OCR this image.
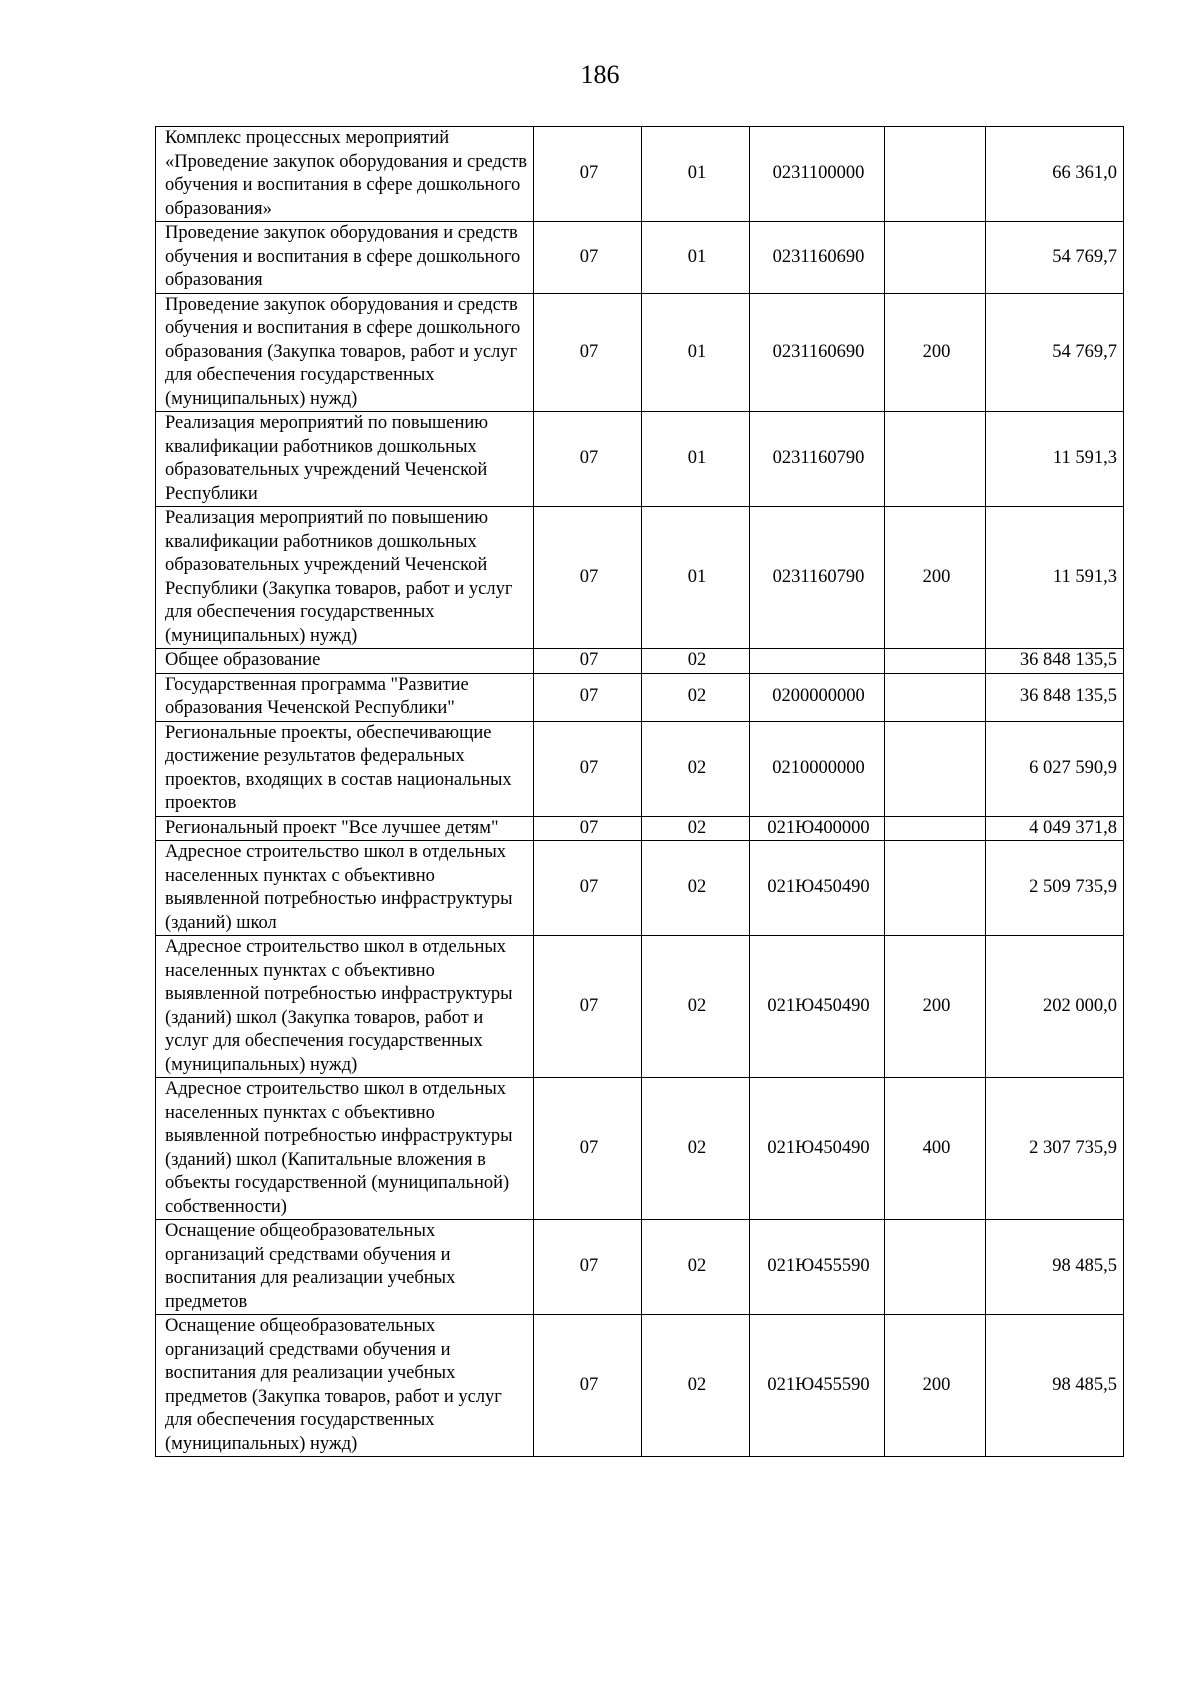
186
Комплекс процессных мероприятий «Проведение закупок оборудования и средств обучения и воспитания в сфере дошкольного образования»	07	01	0231100000		66 361,0
Проведение закупок оборудования и средств обучения и воспитания в сфере дошкольного образования	07	01	0231160690		54 769,7
Проведение закупок оборудования и средств обучения и воспитания в сфере дошкольного образования (Закупка товаров, работ и услуг для обеспечения государственных (муниципальных) нужд)	07	01	0231160690	200	54 769,7
Реализация мероприятий по повышению квалификации работников дошкольных образовательных учреждений Чеченской Республики	07	01	0231160790		11 591,3
Реализация мероприятий по повышению квалификации работников дошкольных образовательных учреждений Чеченской Республики (Закупка товаров, работ и услуг для обеспечения государственных (муниципальных) нужд)	07	01	0231160790	200	11 591,3
Общее образование	07	02			36 848 135,5
Государственная программа "Развитие образования Чеченской Республики"	07	02	0200000000		36 848 135,5
Региональные проекты, обеспечивающие достижение результатов федеральных проектов, входящих в состав национальных проектов	07	02	0210000000		6 027 590,9
Региональный проект "Все лучшее детям"	07	02	021Ю400000		4 049 371,8
Адресное строительство школ в отдельных населенных пунктах с объективно выявленной потребностью инфраструктуры (зданий) школ	07	02	021Ю450490		2 509 735,9
Адресное строительство школ в отдельных населенных пунктах с объективно выявленной потребностью инфраструктуры (зданий) школ (Закупка товаров, работ и услуг для обеспечения государственных (муниципальных) нужд)	07	02	021Ю450490	200	202 000,0
Адресное строительство школ в отдельных населенных пунктах с объективно выявленной потребностью инфраструктуры (зданий) школ (Капитальные вложения в объекты государственной (муниципальной) собственности)	07	02	021Ю450490	400	2 307 735,9
Оснащение общеобразовательных организаций средствами обучения и воспитания для реализации учебных предметов	07	02	021Ю455590		98 485,5
Оснащение общеобразовательных организаций средствами обучения и воспитания для реализации учебных предметов (Закупка товаров, работ и услуг для обеспечения государственных (муниципальных) нужд)	07	02	021Ю455590	200	98 485,5
